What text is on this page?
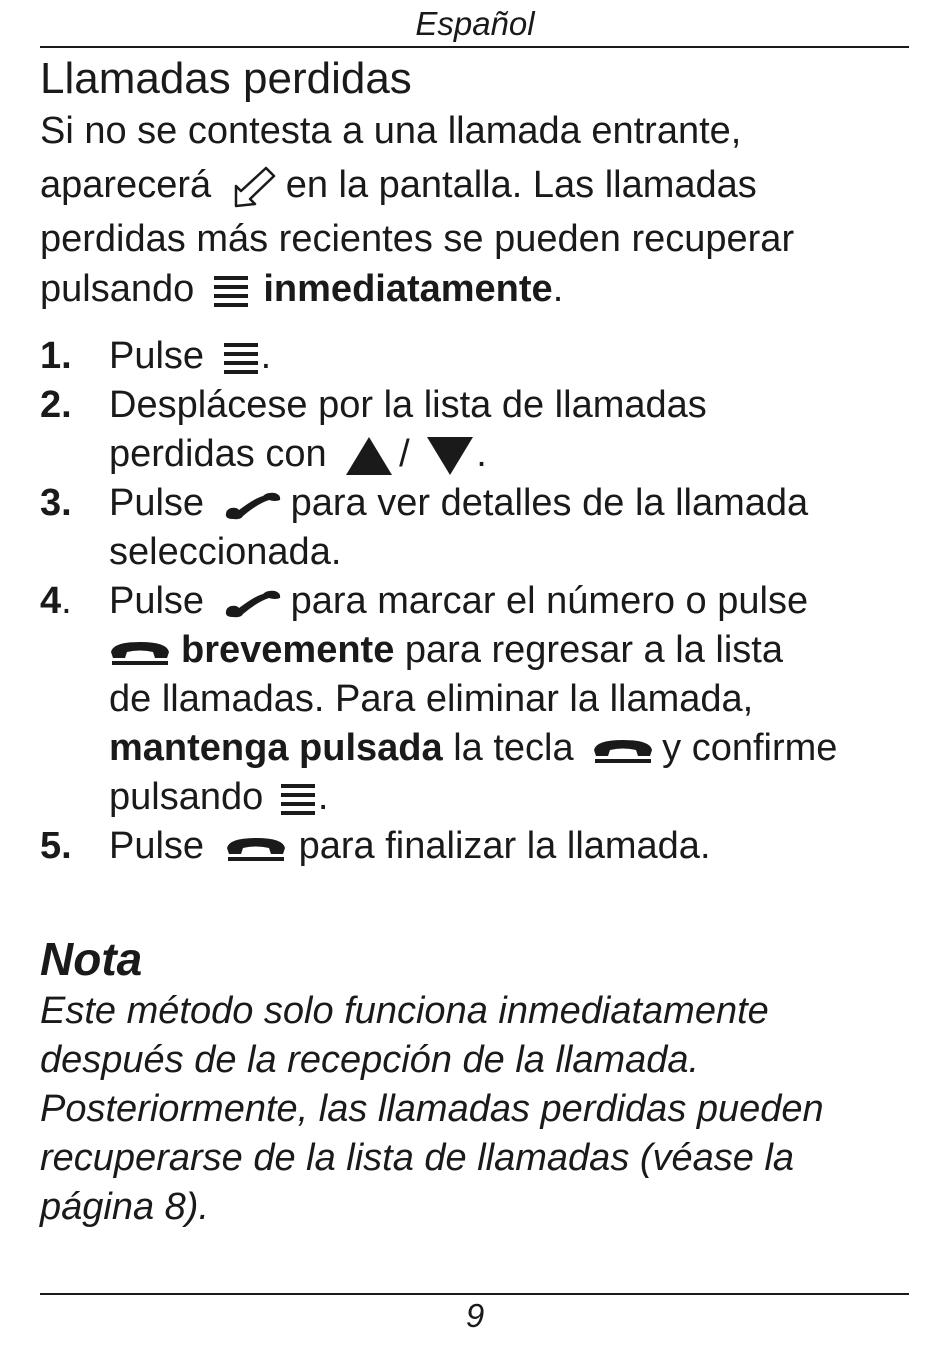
Español
Llamadas perdidas

Si no se contesta a una llamada entrante,
aparecerá en la pantalla. Las llamadas
perdidas más recientes se pueden recuperar
pulsando inmediatamente.

1. Pulse .
2. Desplácese por la lista de llamadas
perdidas con / .
3. Pulse para ver detalles de la llamada
seleccionada.
4. Pulse para marcar el número o pulse
brevemente para regresar a la lista
de llamadas. Para eliminar la llamada,
mantenga pulsada la tecla y confirme
pulsando .
5. Pulse para finalizar la llamada.
Nota

Este método solo funciona inmediatamente
después de la recepción de la llamada.
Posteriormente, las llamadas perdidas pueden
recuperarse de la lista de llamadas (véase la
página 8).

9
